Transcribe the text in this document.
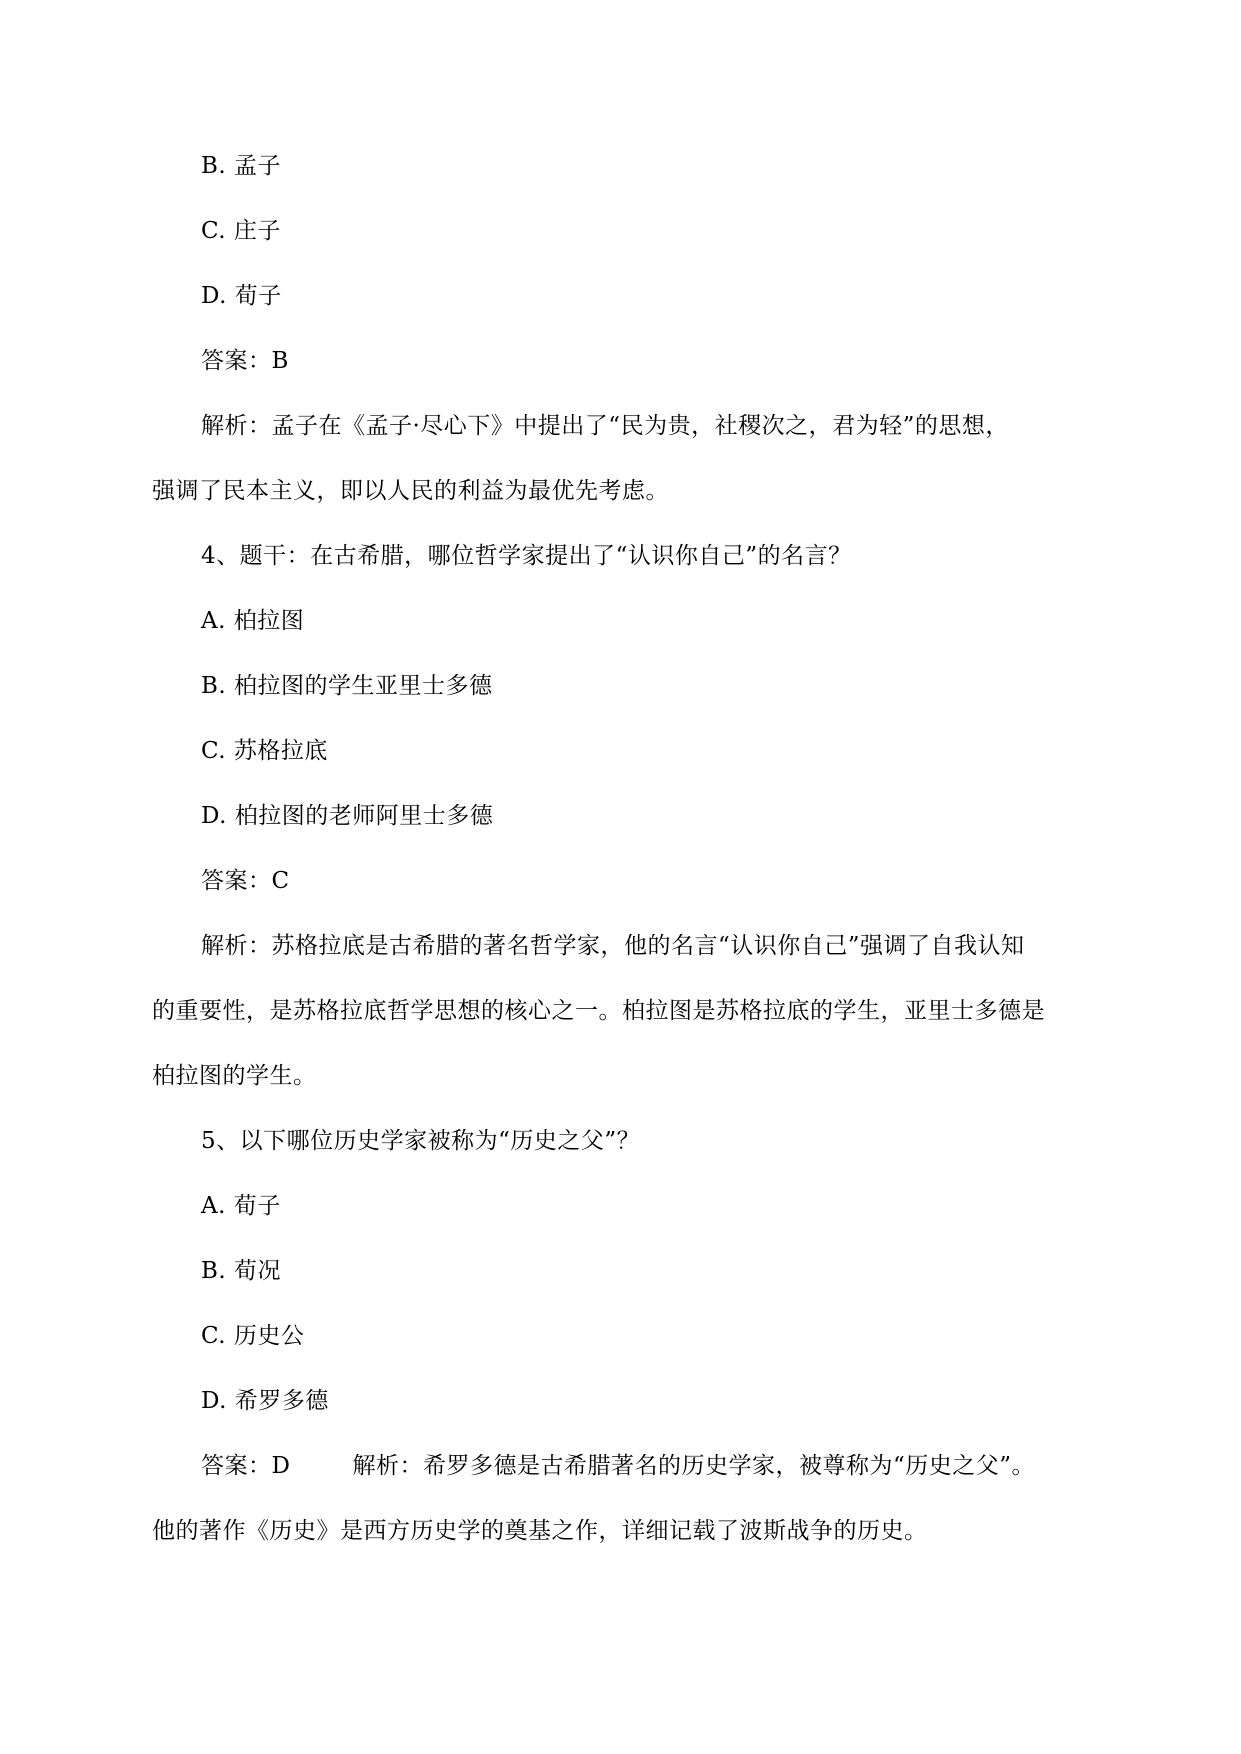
B. 孟子
C. 庄子
D. 荀子
答案：B
解析：孟子在《孟子·尽心下》中提出了“民为贵，社稷次之，君为轻”的思想，
强调了民本主义，即以人民的利益为最优先考虑。
4、题干：在古希腊，哪位哲学家提出了“认识你自己”的名言？
A. 柏拉图
B. 柏拉图的学生亚里士多德
C. 苏格拉底
D. 柏拉图的老师阿里士多德
答案：C
解析：苏格拉底是古希腊的著名哲学家，他的名言“认识你自己”强调了自我认知
的重要性，是苏格拉底哲学思想的核心之一。柏拉图是苏格拉底的学生，亚里士多德是
柏拉图的学生。
5、以下哪位历史学家被称为“历史之父”？
A. 荀子
B. 荀况
C. 历史公
D. 希罗多德
答案：D	解析：希罗多德是古希腊著名的历史学家，被尊称为“历史之父”。
他的著作《历史》是西方历史学的奠基之作，详细记载了波斯战争的历史。
